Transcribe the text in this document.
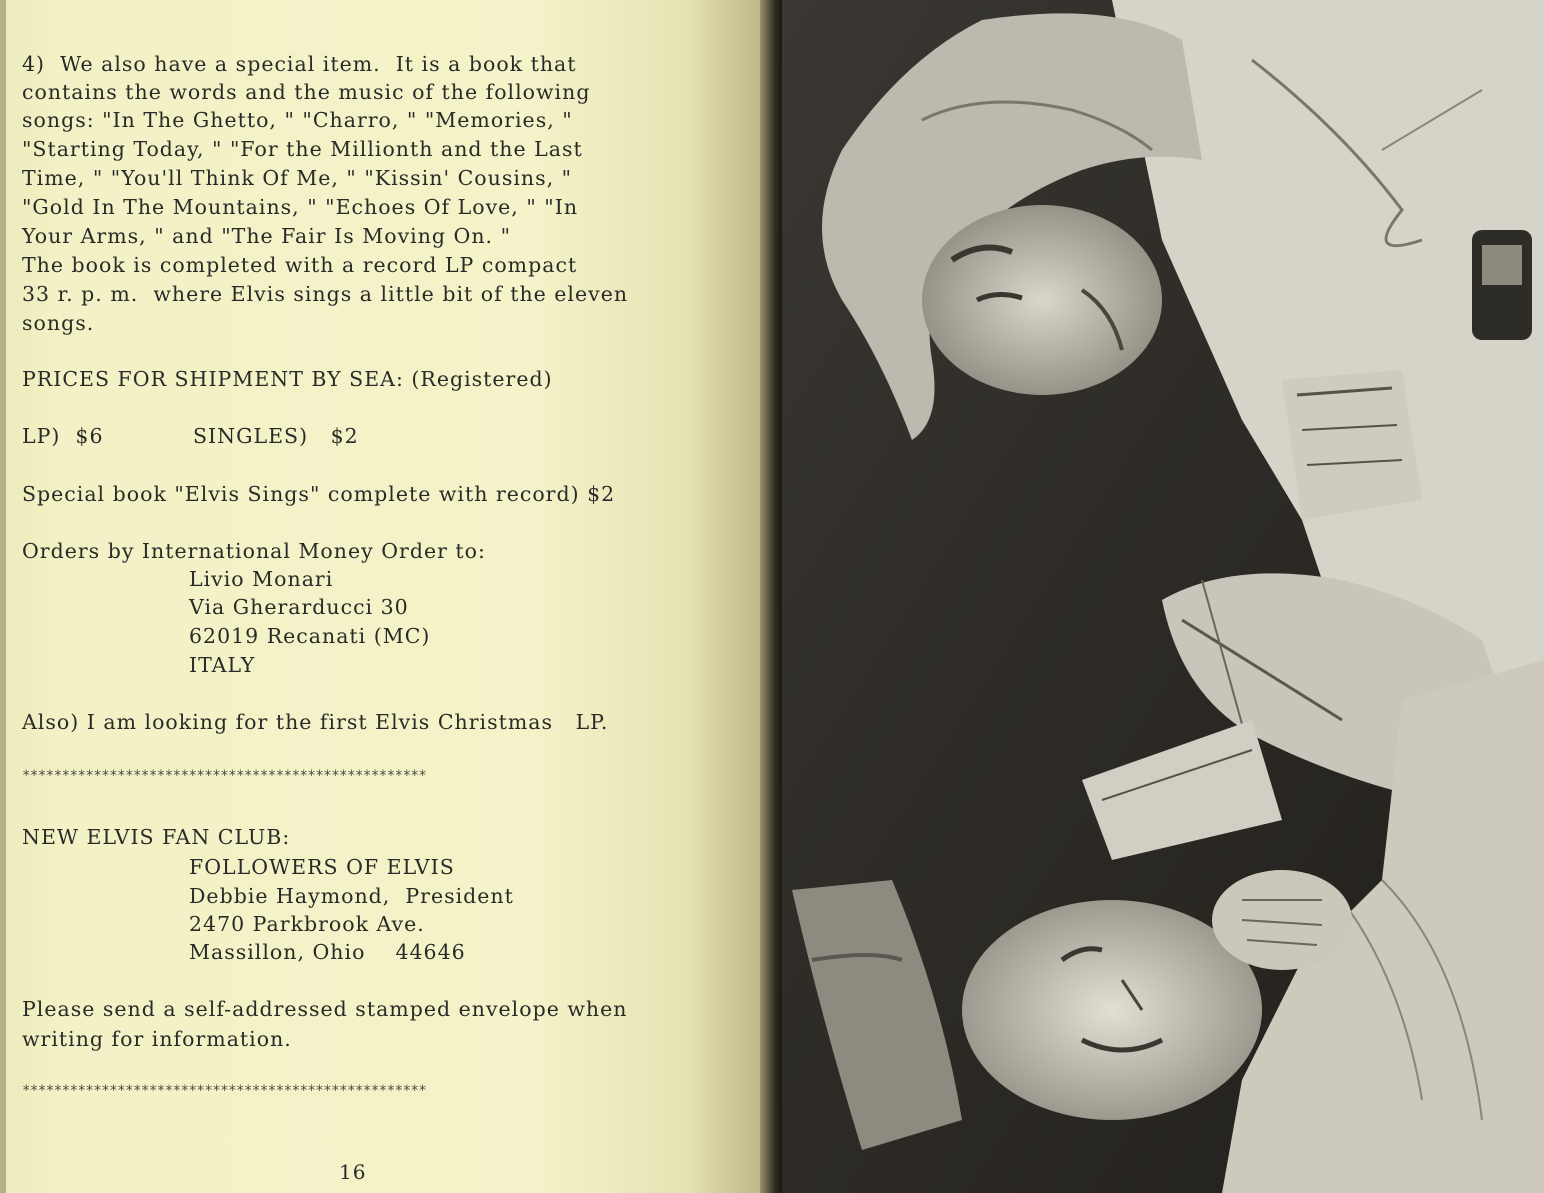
4)  We also have a special item.  It is a book that
contains the words and the music of the following
songs: "In The Ghetto, " "Charro, " "Memories, "
"Starting Today, " "For the Millionth and the Last
Time, " "You'll Think Of Me, " "Kissin' Cousins, "
"Gold In The Mountains, " "Echoes Of Love, " "In
Your Arms, " and "The Fair Is Moving On. "
The book is completed with a record LP compact
33 r. p. m.  where Elvis sings a little bit of the eleven
songs.
PRICES FOR SHIPMENT BY SEA: (Registered)
LP)  $6	SINGLES)   $2
Special book "Elvis Sings" complete with record) $2
Orders by International Money Order to:
Livio Monari
Via Gherarducci 30
62019 Recanati (MC)
ITALY
Also) I am looking for the first Elvis Christmas   LP.
***************************************************
NEW ELVIS FAN CLUB:
FOLLOWERS OF ELVIS
Debbie Haymond,  President
2470 Parkbrook Ave.
Massillon, Ohio    44646
Please send a self-addressed stamped envelope when
writing for information.
***************************************************
16
